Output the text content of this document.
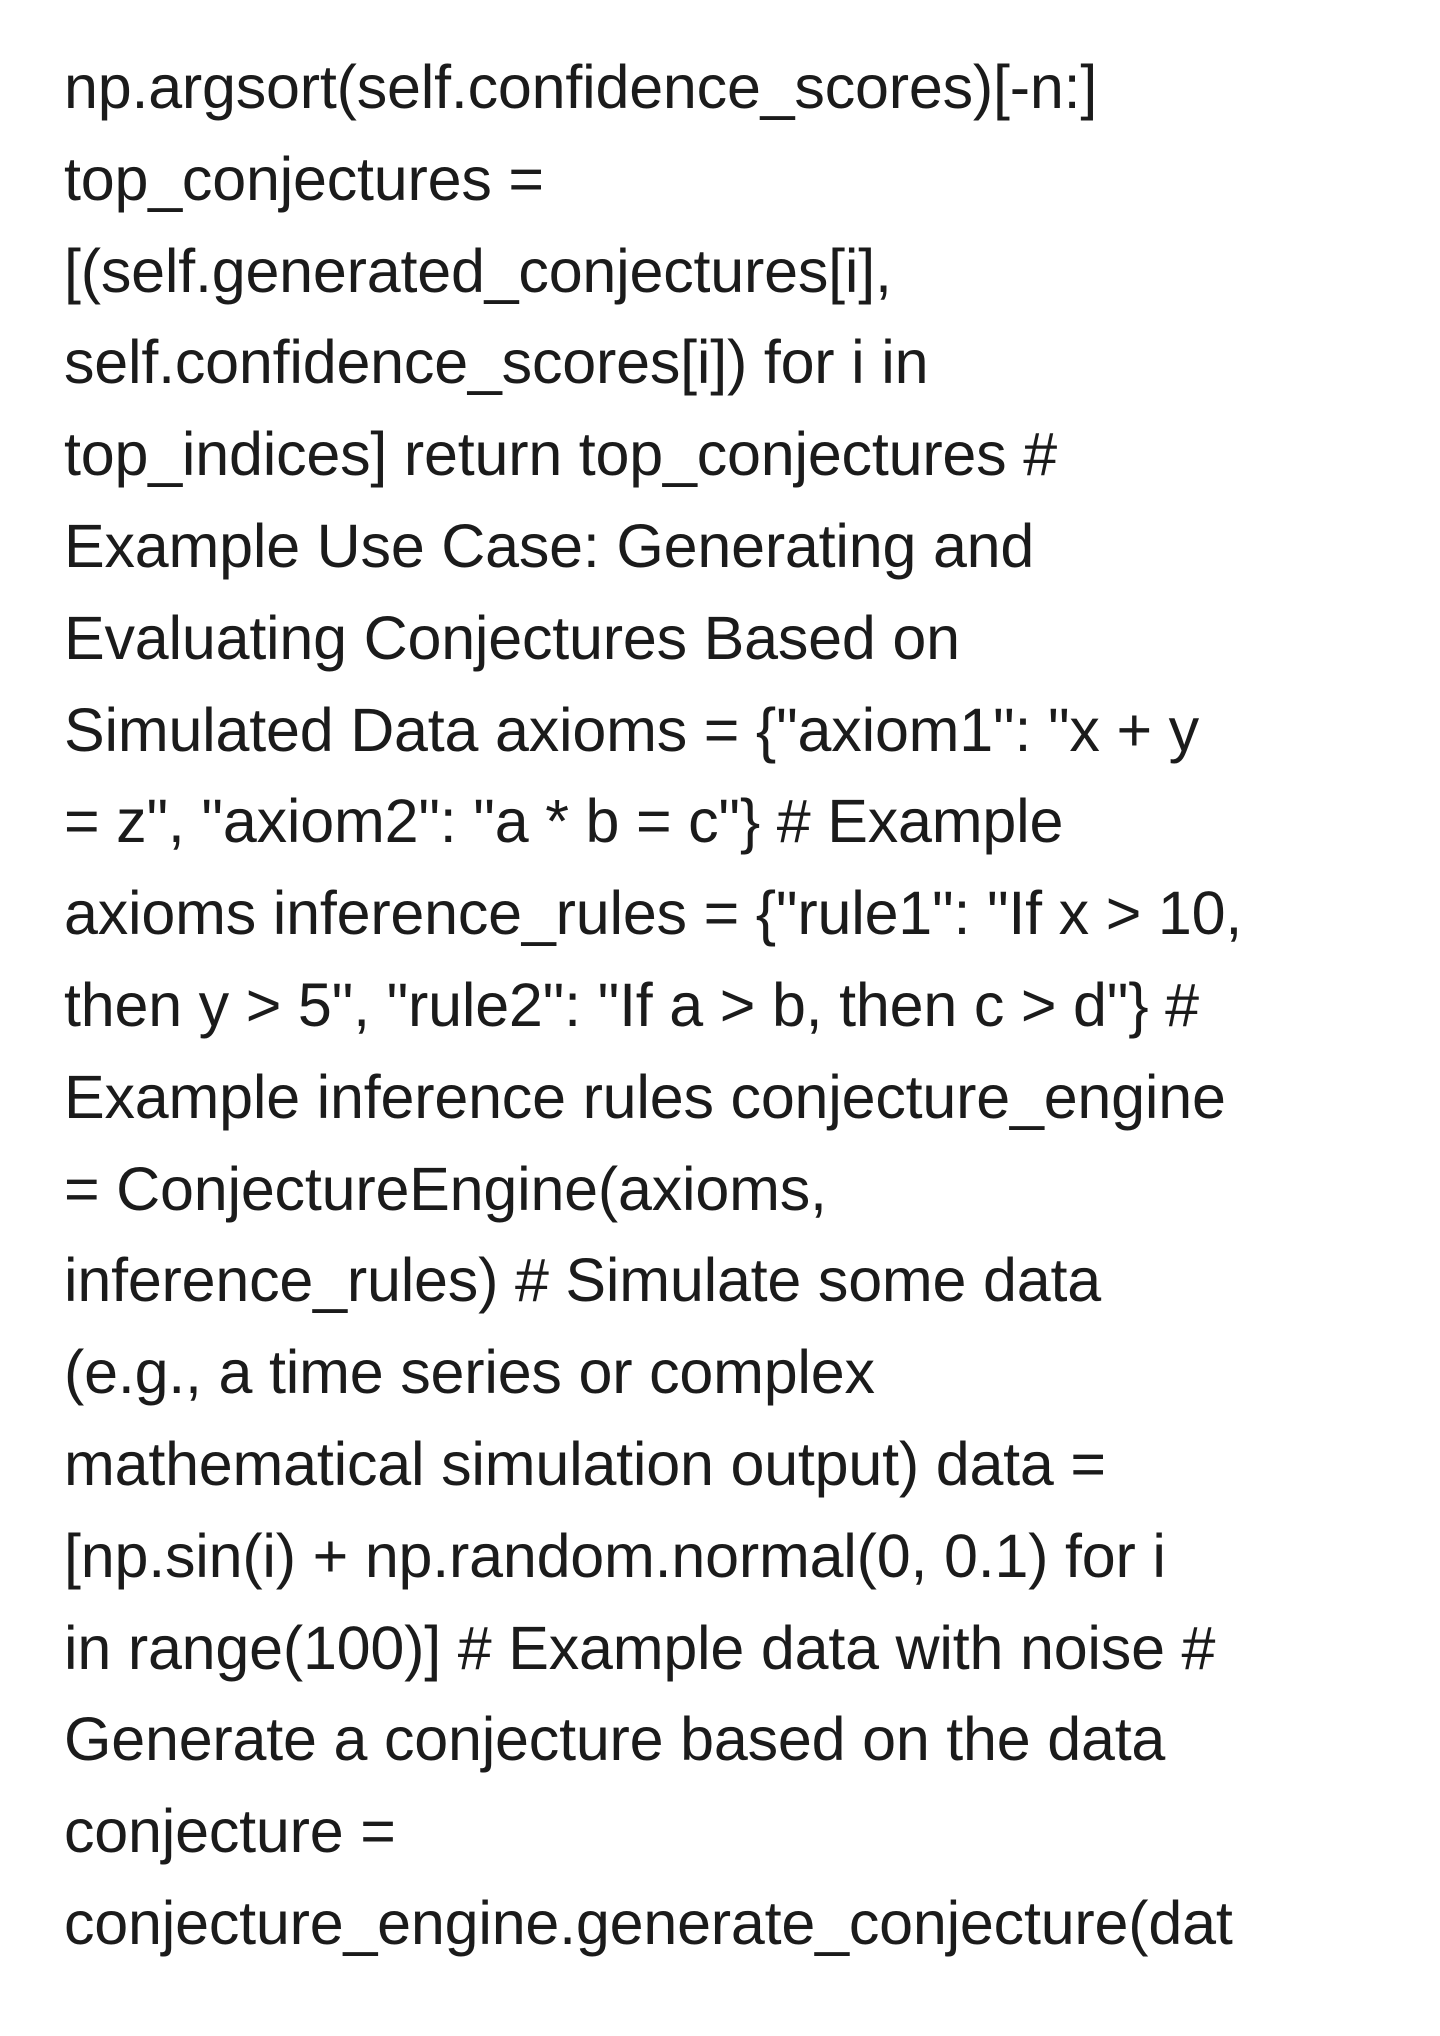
np.argsort(self.confidence_scores)[-n:]
top_conjectures =
[(self.generated_conjectures[i],
self.confidence_scores[i]) for i in
top_indices] return top_conjectures #
Example Use Case: Generating and
Evaluating Conjectures Based on
Simulated Data axioms = {"axiom1": "x + y
= z", "axiom2": "a * b = c"} # Example
axioms inference_rules = {"rule1": "If x > 10,
then y > 5", "rule2": "If a > b, then c > d"} #
Example inference rules conjecture_engine
= ConjectureEngine(axioms,
inference_rules) # Simulate some data
(e.g., a time series or complex
mathematical simulation output) data =
[np.sin(i) + np.random.normal(0, 0.1) for i
in range(100)] # Example data with noise #
Generate a conjecture based on the data
conjecture =
conjecture_engine.generate_conjecture(dat
